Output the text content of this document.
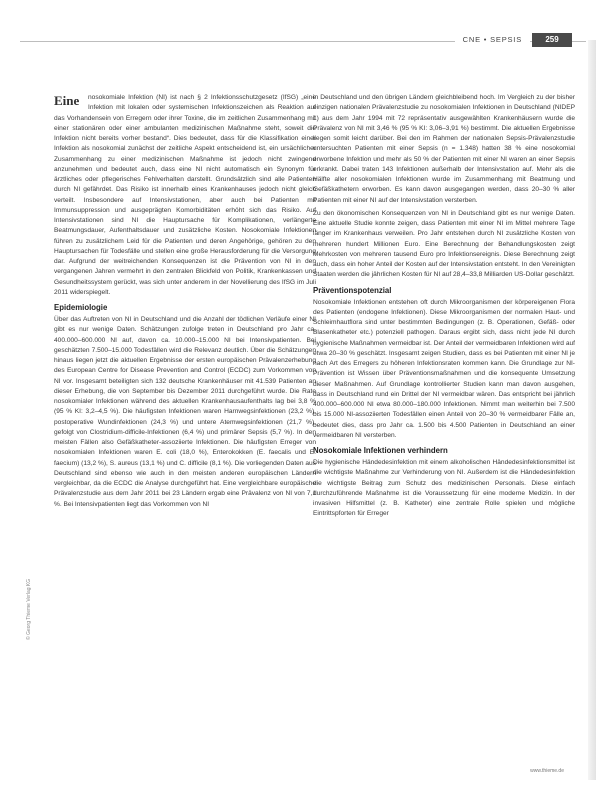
CNE • SEPSIS	259
Eine	nosokomiale Infektion (NI) ist nach § 2 Infektionsschutzgesetz (IfSG) „eine Infektion mit lokalen oder systemischen Infektionszeichen als Reaktion auf das Vorhandensein von Erregern oder ihrer Toxine, die im zeitlichen Zusammenhang mit einer stationären oder einer ambulanten medizinischen Maßnahme steht, soweit die Infektion nicht bereits vorher bestand“. Dies bedeutet, dass für die Klassifikation einer Infektion als nosokomial zunächst der zeitliche Aspekt entscheidend ist, ein ursächlicher Zusammenhang zu einer medizinischen Maßnahme ist jedoch nicht zwingend anzunehmen und bedeutet auch, dass eine NI nicht automatisch ein Synonym für ärztliches oder pflegerisches Fehlverhalten darstellt. Grundsätzlich sind alle Patienten durch NI gefährdet. Das Risiko ist innerhalb eines Krankenhauses jedoch nicht gleich verteilt. Insbesondere auf Intensivstationen, aber auch bei Patienten mit Immunsuppression und ausgeprägten Komorbiditäten erhöht sich das Risiko. Auf Intensivstationen sind NI die Hauptursache für Komplikationen, verlängerte Beatmungsdauer, Aufenthaltsdauer und zusätzliche Kosten. Nosokomiale Infektionen führen zu zusätzlichem Leid für die Patienten und deren Angehörige, gehören zu den Hauptursachen für Todesfälle und stellen eine große Herausforderung für die Versorgung dar. Aufgrund der weitreichenden Konsequenzen ist die Prävention von NI in den vergangenen Jahren vermehrt in den zentralen Blickfeld von Politik, Krankenkassen und Gesundheitssystem gerückt, was sich unter anderem in der Novellierung des IfSG im Juli 2011 widerspiegelt.

Epidemiologie

Über das Auftreten von NI in Deutschland und die Anzahl der tödlichen Verläufe einer NI gibt es nur wenige Daten. Schätzungen zufolge treten in Deutschland pro Jahr ca. 400.000–600.000 NI auf, davon ca. 10.000–15.000 NI bei Intensivpatienten. Bei geschätzten 7.500–15.000 Todesfällen wird die Relevanz deutlich. Über die Schätzungen hinaus liegen jetzt die aktuellen Ergebnisse der ersten europäischen Prävalenzerhebung des European Centre for Disease Prevention and Control (ECDC) zum Vorkommen von NI vor. Insgesamt beteiligten sich 132 deutsche Krankenhäuser mit 41.539 Patienten an dieser Erhebung, die von September bis Dezember 2011 durchgeführt wurde. Die Rate nosokomialer Infektionen während des aktuellen Krankenhausaufenthalts lag bei 3,8 % (95 % KI: 3,2–4,5 %). Die häufigsten Infektionen waren Harnwegsinfektionen (23,2 %), postoperative Wundinfektionen (24,3 %) und untere Atemwegsinfektionen (21,7 %), gefolgt von Clostridium-difficile-Infektionen (6,4 %) und primärer Sepsis (5,7 %). In den meisten Fällen also Gefäßkatheter-assoziierte Infektionen. Die häufigsten Erreger von nosokomialen Infektionen waren E. coli (18,0 %), Enterokokken (E. faecalis und E. faecium) (13,2 %), S. aureus (13,1 %) und C. difficile (8,1 %). Die vorliegenden Daten aus Deutschland sind ebenso wie auch in den meisten anderen europäischen Ländern vergleichbar, da die ECDC die Analyse durchgeführt hat. Eine vergleichbare europäische Prävalenzstudie aus dem Jahr 2011 bei 23 Ländern ergab eine Prävalenz von NI von 7,1 %. Bei Intensivpatienten liegt das Vorkommen von NI

in Deutschland und den übrigen Ländern gleichbleibend hoch. Im Vergleich zu der bisher einzigen nationalen Prävalenzstudie zu nosokomialen Infektionen in Deutschland (NIDEP 1) aus dem Jahr 1994 mit 72 repräsentativ ausgewählten Krankenhäusern wurde die Prävalenz von NI mit 3,46 % (95 % KI: 3,06–3,91 %) bestimmt. Die aktuellen Ergebnisse liegen somit leicht darüber. Bei den im Rahmen der nationalen Sepsis-Prävalenzstudie untersuchten Patienten mit einer Sepsis (n = 1.348) hatten 38 % eine nosokomial erworbene Infektion und mehr als 50 % der Patienten mit einer NI waren an einer Sepsis erkrankt. Dabei traten 143 Infektionen außerhalb der Intensivstation auf. Mehr als die Hälfte aller nosokomialen Infektionen wurde im Zusammenhang mit Beatmung und Gefäßkathetern erworben. Es kann davon ausgegangen werden, dass 20–30 % aller Patienten mit einer NI auf der Intensivstation versterben.

Zu den ökonomischen Konsequenzen von NI in Deutschland gibt es nur wenige Daten. Eine aktuelle Studie konnte zeigen, dass Patienten mit einer NI im Mittel mehrere Tage länger im Krankenhaus verweilen. Pro Jahr entstehen durch NI zusätzliche Kosten von mehreren hundert Millionen Euro. Eine Berechnung der Behandlungskosten zeigt Mehrkosten von mehreren tausend Euro pro Infektionsereignis. Diese Berechnung zeigt auch, dass ein hoher Anteil der Kosten auf der Intensivstation entsteht. In den Vereinigten Staaten werden die jährlichen Kosten für NI auf 28,4–33,8 Milliarden US-Dollar geschätzt.

Präventionspotenzial

Nosokomiale Infektionen entstehen oft durch Mikroorganismen der körpereigenen Flora des Patienten (endogene Infektionen). Diese Mikroorganismen der normalen Haut- und Schleimhautflora sind unter bestimmten Bedingungen (z. B. Operationen, Gefäß- oder Blasenkatheter etc.) potenziell pathogen. Daraus ergibt sich, dass nicht jede NI durch hygienische Maßnahmen vermeidbar ist. Der Anteil der vermeidbaren Infektionen wird auf etwa 20–30 % geschätzt. Insgesamt zeigen Studien, dass es bei Patienten mit einer NI je nach Art des Erregers zu höheren Infektionsraten kommen kann. Die Grundlage zur NI-Prävention ist Wissen über Präventionsmaßnahmen und die konsequente Umsetzung dieser Maßnahmen. Auf Grundlage kontrollierter Studien kann man davon ausgehen, dass in Deutschland rund ein Drittel der NI vermeidbar wären. Das entspricht bei jährlich 400.000–600.000 NI etwa 80.000–180.000 Infektionen. Nimmt man weiterhin bei 7.500 bis 15.000 NI-assoziierten Todesfällen einen Anteil von 20–30 % vermeidbarer Fälle an, bedeutet dies, dass pro Jahr ca. 1.500 bis 4.500 Patienten in Deutschland an einer vermeidbaren NI versterben.

Nosokomiale Infektionen verhindern

Die hygienische Händedesinfektion mit einem alkoholischen Händedesinfektionsmittel ist die wichtigste Maßnahme zur Verhinderung von NI. Außerdem ist die Händedesinfektion die wichtigste Beitrag zum Schutz des medizinischen Personals. Diese einfach durchzuführende Maßnahme ist die Voraussetzung für eine moderne Medizin. In der invasiven Hilfsmittel (z. B. Katheter) eine zentrale Rolle spielen und mögliche Eintrittspforten für Erreger

© Georg Thieme Verlag KG
www.thieme.de
